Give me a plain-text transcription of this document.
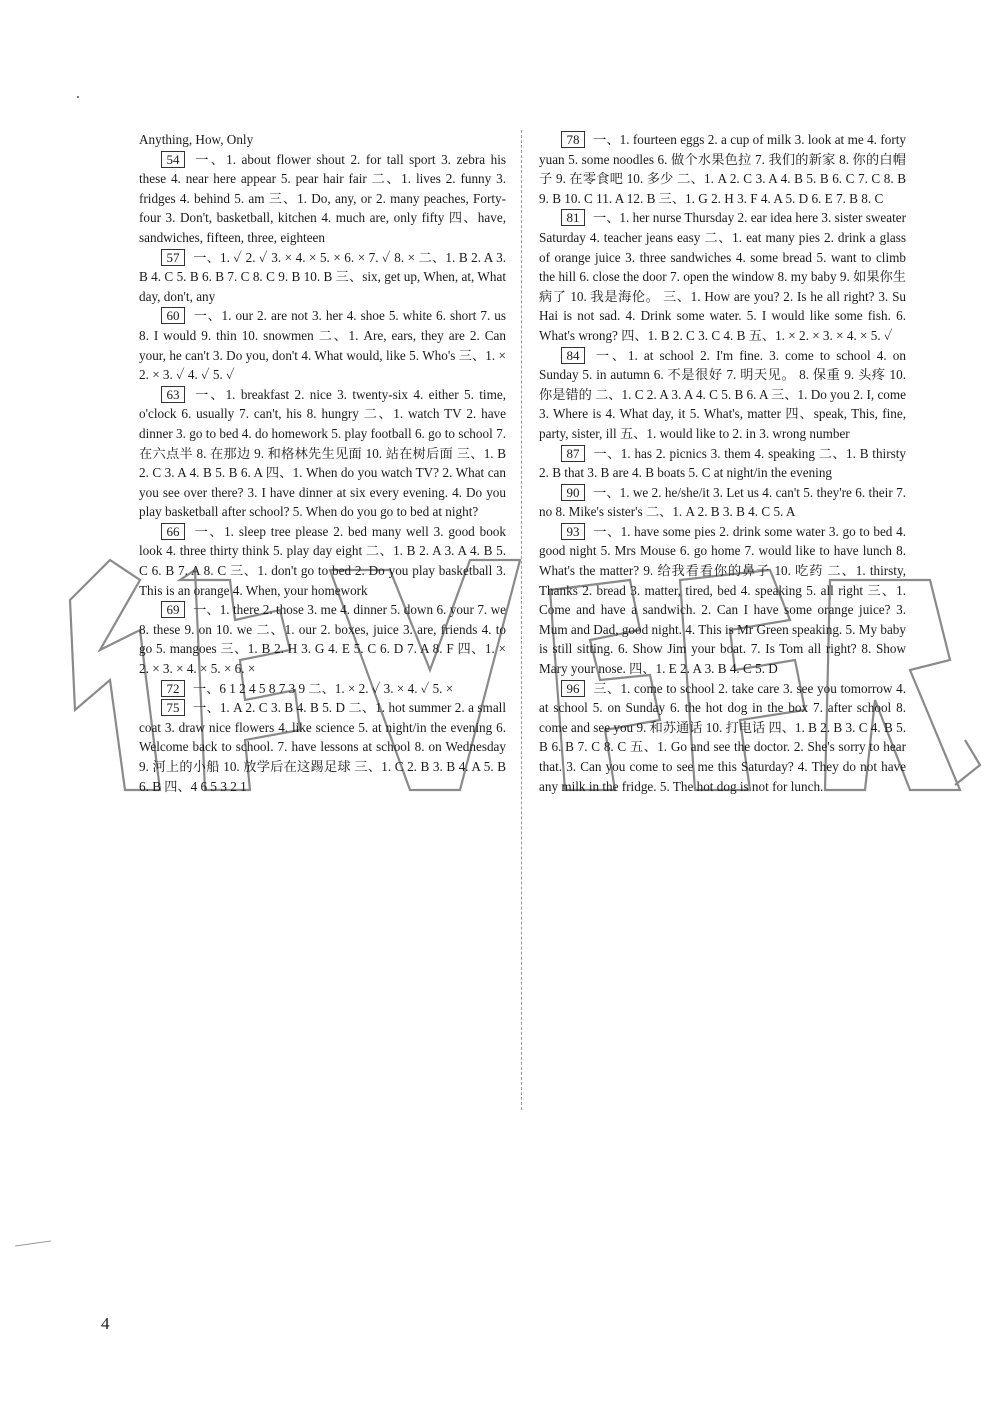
Anything, How, Only
54 一、1. about flower shout 2. for tall sport 3. zebra his these 4. near here appear 5. pear hair fair 二、1. lives 2. funny 3. fridges 4. behind 5. am 三、1. Do, any, or 2. many peaches, Forty-four 3. Don't, basketball, kitchen 4. much are, only fifty 四、have, sandwiches, fifteen, three, eighteen
57 一、1. ✓ 2. ✓ 3. × 4. × 5. × 6. × 7. ✓ 8. × 二、1. B 2. A 3. B 4. C 5. B 6. B 7. C 8. C 9. B 10. B 三、six, get up, When, at, What day, don't, any
60 一、1. our 2. are not 3. her 4. shoe 5. white 6. short 7. us 8. I would 9. thin 10. snowmen 二、1. Are, ears, they are 2. Can your, he can't 3. Do you, don't 4. What would, like 5. Who's 三、1. × 2. × 3. ✓ 4. ✓ 5. ✓
63 一、1. breakfast 2. nice 3. twenty-six 4. either 5. time, o'clock 6. usually 7. can't, his 8. hungry 二、1. watch TV 2. have dinner 3. go to bed 4. do homework 5. play football 6. go to school 7. 在六点半 8. 在那边 9. 和格林先生见面 10. 站在树后面 三、1. B 2. C 3. A 4. B 5. B 6. A 四、1. When do you watch TV? 2. What can you see over there? 3. I have dinner at six every evening. 4. Do you play basketball after school? 5. When do you go to bed at night?
66 一、1. sleep tree please 2. bed many well 3. good book look 4. three thirty think 5. play day eight 二、1. B 2. A 3. A 4. B 5. C 6. B 7. A 8. C 三、1. don't go to bed 2. Do you play basketball 3. This is an orange 4. When, your homework
69 一、1. there 2. those 3. me 4. dinner 5. down 6. your 7. we 8. these 9. on 10. we 二、1. our 2. boxes, juice 3. are, friends 4. to go 5. mangoes 三、1. B 2. H 3. G 4. E 5. C 6. D 7. A 8. F 四、1. × 2. × 3. × 4. × 5. × 6. ×
72 一、6 1 2 4 5 8 7 3 9 二、1. × 2. ✓ 3. × 4. ✓ 5. ×
75 一、1. A 2. C 3. B 4. B 5. D 二、1. hot summer 2. a small coat 3. draw nice flowers 4. like science 5. at night/in the evening 6. Welcome back to school. 7. have lessons at school 8. on Wednesday 9. 河上的小船 10. 放学后在这踢足球 三、1. C 2. B 3. B 4. A 5. B 6. B 四、4 6 5 3 2 1
78 一、1. fourteen eggs 2. a cup of milk 3. look at me 4. forty yuan 5. some noodles 6. 做个水果色拉 7. 我们的新家 8. 你的白帽子 9. 在零食吧 10. 多少 二、1. A 2. C 3. A 4. B 5. B 6. C 7. C 8. B 9. B 10. C 11. A 12. B 三、1. G 2. H 3. F 4. A 5. D 6. E 7. B 8. C
81 一、1. her nurse Thursday 2. ear idea here 3. sister sweater Saturday 4. teacher jeans easy 二、1. eat many pies 2. drink a glass of orange juice 3. three sandwiches 4. some bread 5. want to climb the hill 6. close the door 7. open the window 8. my baby 9. 如果你生病了 10. 我是海伦。 三、1. How are you? 2. Is he all right? 3. Su Hai is not sad. 4. Drink some water. 5. I would like some fish. 6. What's wrong? 四、1. B 2. C 3. C 4. B 五、1. × 2. × 3. × 4. × 5. ✓
84 一、1. at school 2. I'm fine. 3. come to school 4. on Sunday 5. in autumn 6. 不是很好 7. 明天见。 8. 保重 9. 头疼 10. 你是错的 二、1. C 2. A 3. A 4. C 5. B 6. A 三、1. Do you 2. I, come 3. Where is 4. What day, it 5. What's, matter 四、speak, This, fine, party, sister, ill 五、1. would like to 2. in 3. wrong number
87 一、1. has 2. picnics 3. them 4. speaking 二、1. B thirsty 2. B that 3. B are 4. B boats 5. C at night/in the evening
90 一、1. we 2. he/she/it 3. Let us 4. can't 5. they're 6. their 7. no 8. Mike's sister's 二、1. A 2. B 3. B 4. C 5. A
93 一、1. have some pies 2. drink some water 3. go to bed 4. good night 5. Mrs Mouse 6. go home 7. would like to have lunch 8. What's the matter? 9. 给我看看你的鼻子 10. 吃药 二、1. thirsty, Thanks 2. bread 3. matter, tired, bed 4. speaking 5. all right 三、1. Come and have a sandwich. 2. Can I have some orange juice? 3. Mum and Dad, good night. 4. This is Mr Green speaking. 5. My baby is still sitting. 6. Show Jim your boat. 7. Is Tom all right? 8. Show Mary your nose. 四、1. E 2. A 3. B 4. C 5. D
96 三、1. come to school 2. take care 3. see you tomorrow 4. at school 5. on Sunday 6. the hot dog in the box 7. after school 8. come and see you 9. 和苏通话 10. 打电话 四、1. B 2. B 3. C 4. B 5. B 6. B 7. C 8. C 五、1. Go and see the doctor. 2. She's sorry to hear that. 3. Can you come to see me this Saturday? 4. They do not have any milk in the fridge. 5. The hot dog is not for lunch.
4
